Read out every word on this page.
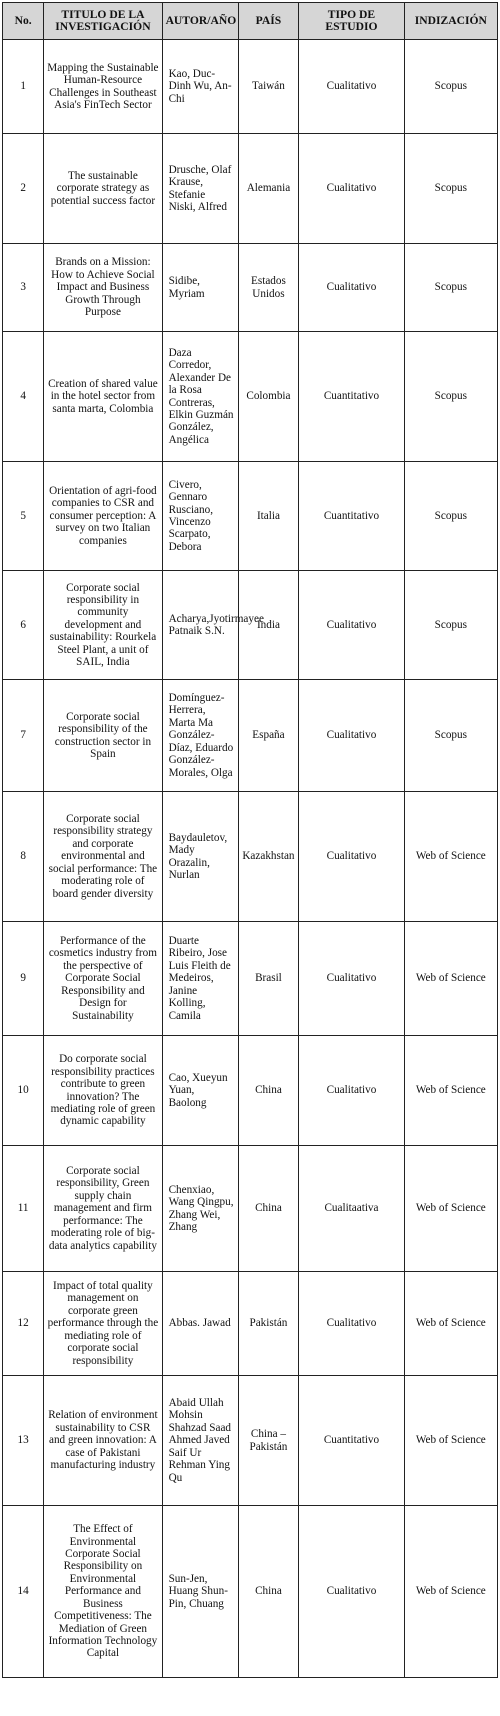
No.	TITULO DE LA INVESTIGACIÓN	AUTOR/AÑO	PAÍS	TIPO DE ESTUDIO	INDIZACIÓN
1	Mapping the Sustainable Human-Resource Challenges in Southeast Asia's FinTech Sector	Kao, Duc-Dinh Wu, An-Chi	Taiwán	Cualitativo	Scopus
2	The sustainable corporate strategy as potential success factor	Drusche, Olaf Krause, Stefanie Niski, Alfred	Alemania	Cualitativo	Scopus
3	Brands on a Mission: How to Achieve Social Impact and Business Growth Through Purpose	Sidibe, Myriam	Estados Unidos	Cualitativo	Scopus
4	Creation of shared value in the hotel sector from santa marta, Colombia	Daza Corredor, Alexander De la Rosa Contreras, Elkin Guzmán González, Angélica	Colombia	Cuantitativo	Scopus
5	Orientation of agri-food companies to CSR and consumer perception: A survey on two Italian companies	Civero, Gennaro Rusciano, Vincenzo Scarpato, Debora	Italia	Cuantitativo	Scopus
6	Corporate social responsibility in community development and sustainability: Rourkela Steel Plant, a unit of SAIL, India	Acharya,Jyotirmayee Patnaik S.N.	India	Cualitativo	Scopus
7	Corporate social responsibility of the construction sector in Spain	Domínguez-Herrera, Marta Ma González-Díaz, Eduardo González-Morales, Olga	España	Cualitativo	Scopus
8	Corporate social responsibility strategy and corporate environmental and social performance: The moderating role of board gender diversity	Baydauletov, Mady Orazalin, Nurlan	Kazakhstan	Cualitativo	Web of Science
9	Performance of the cosmetics industry from the perspective of Corporate Social Responsibility and Design for Sustainability	Duarte Ribeiro, Jose Luis Fleith de Medeiros, Janine Kolling, Camila	Brasil	Cualitativo	Web of Science
10	Do corporate social responsibility practices contribute to green innovation? The mediating role of green dynamic capability	Cao, Xueyun Yuan, Baolong	China	Cualitativo	Web of Science
11	Corporate social responsibility, Green supply chain management and firm performance: The moderating role of big-data analytics capability	Chenxiao, Wang Qingpu, Zhang Wei, Zhang	China	Cualitaativa	Web of Science
12	Impact of total quality management on corporate green performance through the mediating role of corporate social responsibility	Abbas. Jawad	Pakistán	Cualitativo	Web of Science
13	Relation of environment sustainability to CSR and green innovation: A case of Pakistani manufacturing industry	Abaid Ullah Mohsin Shahzad Saad Ahmed Javed Saif Ur Rehman Ying Qu	China – Pakistán	Cuantitativo	Web of Science
14	The Effect of Environmental Corporate Social Responsibility on Environmental Performance and Business Competitiveness: The Mediation of Green Information Technology Capital	Sun-Jen, Huang Shun-Pin, Chuang	China	Cualitativo	Web of Science
